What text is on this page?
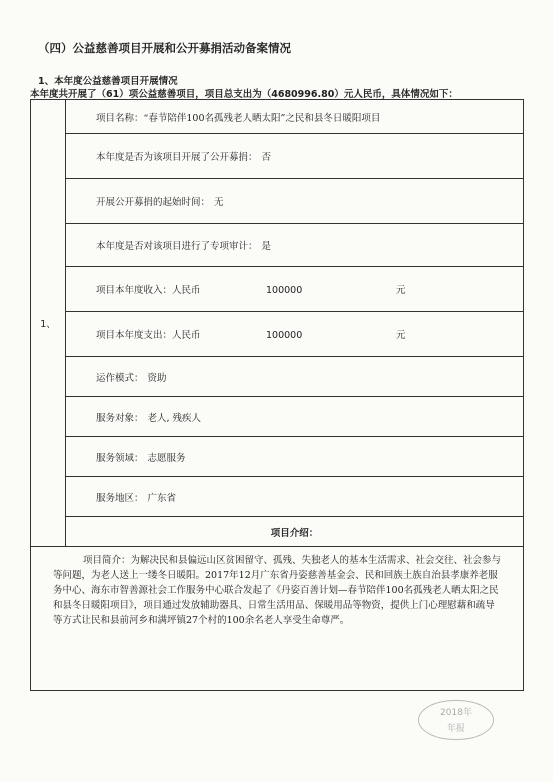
（四）公益慈善项目开展和公开募捐活动备案情况
1、本年度公益慈善项目开展情况
本年度共开展了（61）项公益慈善项目，项目总支出为（4680996.80）元人民币，具体情况如下：
1、	项目名称：“春节陪伴100名孤残老人晒太阳”之民和县冬日暖阳项目
本年度是否为该项目开展了公开募捐： 否
开展公开募捐的起始时间： 无
本年度是否对该项目进行了专项审计： 是
项目本年度收入：人民币	100000	元
项目本年度支出：人民币	100000	元
运作模式： 资助
服务对象： 老人, 残疾人
服务领域： 志愿服务
服务地区： 广东省
项目介绍：

项目简介：为解决民和县偏远山区贫困留守、孤残、失独老人的基本生活需求、社会交往、社会参与等问题，为老人送上一缕冬日暖阳。2017年12月广东省丹姿慈善基金会、民和回族土族自治县孝康养老服务中心、海东市智善源社会工作服务中心联合发起了《丹姿百善计划—春节陪伴100名孤残老人晒太阳之民和县冬日暖阳项目》，项目通过发放辅助器具、日常生活用品、保暖用品等物资，提供上门心理慰藉和疏导等方式让民和县前河乡和满坪镇27个村的100余名老人享受生命尊严。

2018年
年报
